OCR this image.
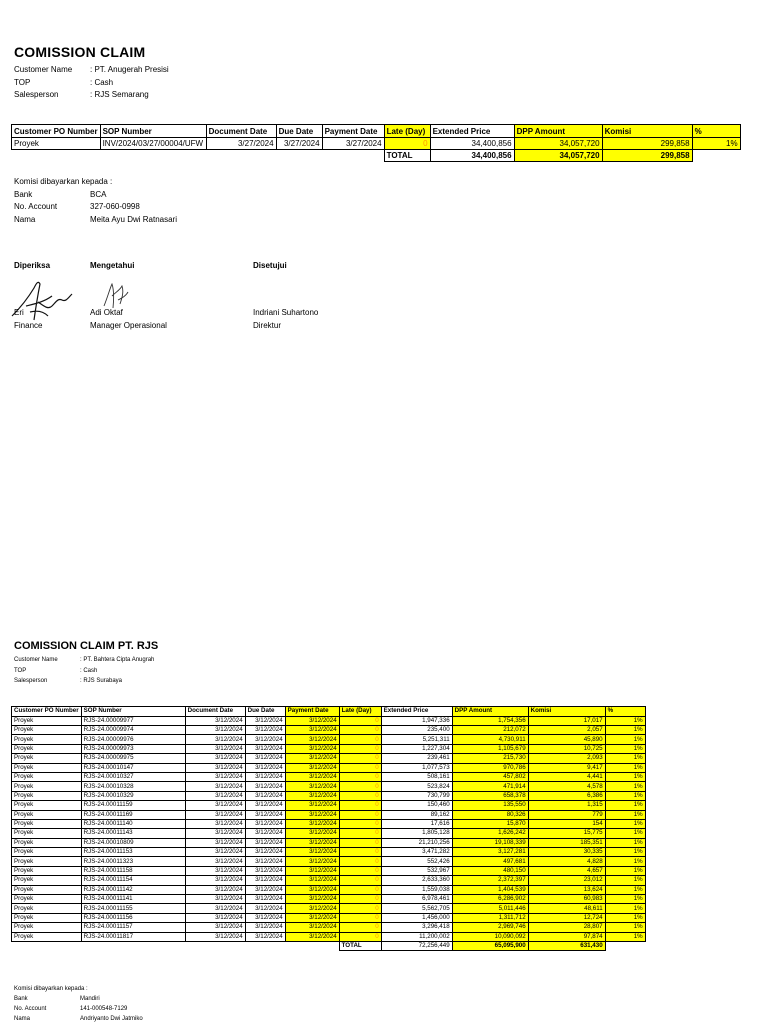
COMISSION CLAIM
Customer Name : PT. Anugerah Presisi
TOP	: Cash
Salesperson	: RJS Semarang
Customer PO Number	SOP Number	Document Date	Due Date	Payment Date	Late (Day)	Extended Price	DPP Amount	Komisi	%
Proyek	INV/2024/03/27/00004/UFW	3/27/2024	3/27/2024	3/27/2024	0	34,400,856	34,057,720	299,858	1%
					TOTAL	34,400,856	34,057,720	299,858	
Komisi dibayarkan kepada :
Bank	BCA
No. Account	327-060-0998
Nama	Meita Ayu Dwi Ratnasari
Diperiksa	Mengetahui	Disetujui
Eri
Finance
Adi Oktaf
Manager Operasional
Indriani Suhartono
Direktur
COMISSION CLAIM PT. RJS
Customer Name	: PT. Bahtera Cipta Anugrah
TOP	: Cash
Salesperson	: RJS Surabaya
Customer PO Number	SOP Number	Document Date	Due Date	Payment Date	Late (Day)	Extended Price	DPP Amount	Komisi	%
Proyek	RJS-24.00009977	3/12/2024	3/12/2024	3/12/2024	0	1,947,336	1,754,356	17,017	1%
Proyek	RJS-24.00009974	3/12/2024	3/12/2024	3/12/2024	0	235,400	212,072	2,057	1%
Proyek	RJS-24.00009976	3/12/2024	3/12/2024	3/12/2024	0	5,251,311	4,730,911	45,890	1%
Proyek	RJS-24.00009973	3/12/2024	3/12/2024	3/12/2024	0	1,227,304	1,105,679	10,725	1%
Proyek	RJS-24.00009975	3/12/2024	3/12/2024	3/12/2024	0	239,461	215,730	2,093	1%
Proyek	RJS-24.00010147	3/12/2024	3/12/2024	3/12/2024	0	1,077,573	970,786	9,417	1%
Proyek	RJS-24.00010327	3/12/2024	3/12/2024	3/12/2024	0	508,161	457,802	4,441	1%
Proyek	RJS-24.00010328	3/12/2024	3/12/2024	3/12/2024	0	523,824	471,914	4,578	1%
Proyek	RJS-24.00010329	3/12/2024	3/12/2024	3/12/2024	0	730,799	658,378	6,386	1%
Proyek	RJS-24.00011159	3/12/2024	3/12/2024	3/12/2024	0	150,460	135,550	1,315	1%
Proyek	RJS-24.00011169	3/12/2024	3/12/2024	3/12/2024	0	89,162	80,326	779	1%
Proyek	RJS-24.00011140	3/12/2024	3/12/2024	3/12/2024	0	17,616	15,870	154	1%
Proyek	RJS-24.00011143	3/12/2024	3/12/2024	3/12/2024	0	1,805,128	1,626,242	15,775	1%
Proyek	RJS-24.00010809	3/12/2024	3/12/2024	3/12/2024	0	21,210,256	19,108,339	185,351	1%
Proyek	RJS-24.00011153	3/12/2024	3/12/2024	3/12/2024	0	3,471,282	3,127,281	30,335	1%
Proyek	RJS-24.00011323	3/12/2024	3/12/2024	3/12/2024	0	552,426	497,681	4,828	1%
Proyek	RJS-24.00011158	3/12/2024	3/12/2024	3/12/2024	0	532,967	480,150	4,657	1%
Proyek	RJS-24.00011154	3/12/2024	3/12/2024	3/12/2024	0	2,633,360	2,372,397	23,012	1%
Proyek	RJS-24.00011142	3/12/2024	3/12/2024	3/12/2024	0	1,559,038	1,404,539	13,624	1%
Proyek	RJS-24.00011141	3/12/2024	3/12/2024	3/12/2024	0	6,978,461	6,286,902	60,983	1%
Proyek	RJS-24.00011155	3/12/2024	3/12/2024	3/12/2024	0	5,562,705	5,011,446	48,611	1%
Proyek	RJS-24.00011156	3/12/2024	3/12/2024	3/12/2024	0	1,456,000	1,311,712	12,724	1%
Proyek	RJS-24.00011157	3/12/2024	3/12/2024	3/12/2024	0	3,296,418	2,969,746	28,807	1%
Proyek	RJS-24.00011817	3/12/2024	3/12/2024	3/12/2024	0	11,200,002	10,090,092	97,874	1%
					TOTAL	72,256,449	65,095,900	631,430	
Komisi dibayarkan kepada :
Bank	Mandiri
No. Account	141-000548-7129
Nama	Andriyanto Dwi Jatmiko
